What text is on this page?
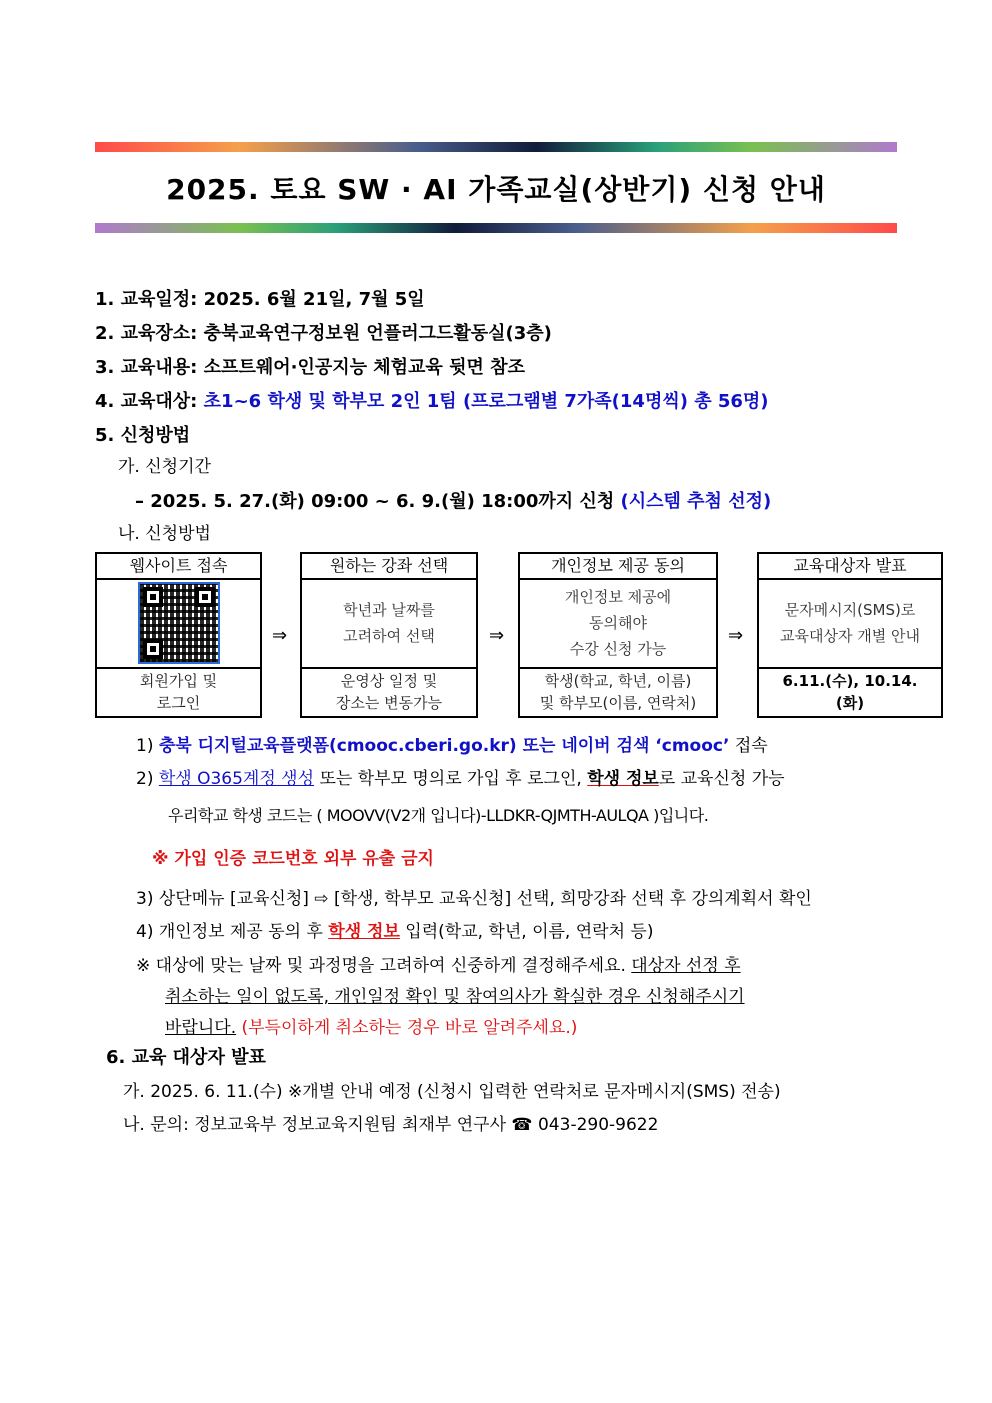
2025. 토요 SW · AI 가족교실(상반기) 신청 안내
1. 교육일정: 2025. 6월 21일, 7월 5일
2. 교육장소: 충북교육연구정보원 언플러그드활동실(3층)
3. 교육내용: 소프트웨어·인공지능 체험교육 뒷면 참조
4. 교육대상: 초1~6 학생 및 학부모 2인 1팀 (프로그램별 7가족(14명씩) 총 56명)
5. 신청방법
가. 신청기간
– 2025. 5. 27.(화) 09:00 ~ 6. 9.(월) 18:00까지 신청 (시스템 추첨 선정)
나. 신청방법
웹사이트 접속
회원가입 및
로그인
⇒
원하는 강좌 선택
학년과 날짜를
고려하여 선택
운영상 일정 및
장소는 변동가능
⇒
개인정보 제공 동의
개인정보 제공에
동의해야
수강 신청 가능
학생(학교, 학년, 이름)
및 학부모(이름, 연락처)
⇒
교육대상자 발표
문자메시지(SMS)로
교육대상자 개별 안내
6.11.(수), 10.14.
(화)
1) 충북 디지털교육플랫폼(cmooc.cberi.go.kr) 또는 네이버 검색 ‘cmooc’ 접속
2) 학생 O365계정 생성 또는 학부모 명의로 가입 후 로그인, 학생 정보로 교육신청 가능
우리학교 학생 코드는 ( MOOVV(V2개 입니다)-LLDKR-QJMTH-AULQA )입니다.
※ 가입 인증 코드번호 외부 유출 금지
3) 상단메뉴 [교육신청] ⇨ [학생, 학부모 교육신청] 선택, 희망강좌 선택 후 강의계획서 확인
4) 개인정보 제공 동의 후 학생 정보 입력(학교, 학년, 이름, 연락처 등)
※ 대상에 맞는 날짜 및 과정명을 고려하여 신중하게 결정해주세요. 대상자 선정 후
취소하는 일이 없도록, 개인일정 확인 및 참여의사가 확실한 경우 신청해주시기
바랍니다. (부득이하게 취소하는 경우 바로 알려주세요.)
6. 교육 대상자 발표
가. 2025. 6. 11.(수) ※개별 안내 예정 (신청시 입력한 연락처로 문자메시지(SMS) 전송)
나. 문의: 정보교육부 정보교육지원팀 최재부 연구사 ☎ 043-290-9622
